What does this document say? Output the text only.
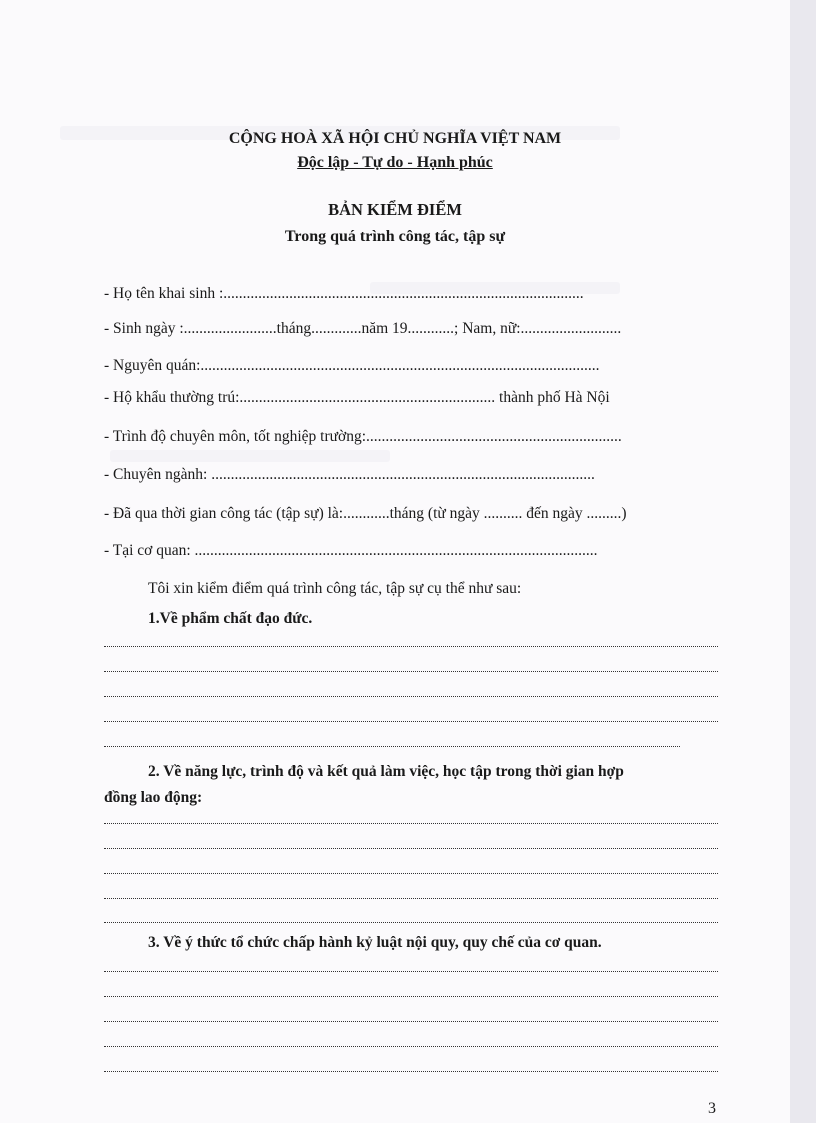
CỘNG HOÀ XÃ HỘI CHỦ NGHĨA VIỆT NAM
Độc lập - Tự do - Hạnh phúc
BẢN KIỂM ĐIỂM
Trong quá trình công tác, tập sự
- Họ tên khai sinh :.............................................................................................
- Sinh ngày :........................tháng.............năm 19............; Nam, nữ:..........................
- Nguyên quán:.......................................................................................................
- Hộ khẩu thường trú:.................................................................. thành phố Hà Nội
- Trình độ chuyên môn, tốt nghiệp trường:..................................................................
- Chuyên ngành: ...................................................................................................
- Đã qua thời gian công tác (tập sự) là:............tháng (từ ngày .......... đến ngày .........)
- Tại cơ quan: ........................................................................................................
Tôi xin kiểm điểm quá trình công tác, tập sự cụ thể như sau:
1.Về phẩm chất đạo đức.
2. Về năng lực, trình độ và kết quả làm việc, học tập trong thời gian hợp
đồng lao động:
3. Về ý thức tổ chức chấp hành kỷ luật nội quy, quy chế của cơ quan.
3
